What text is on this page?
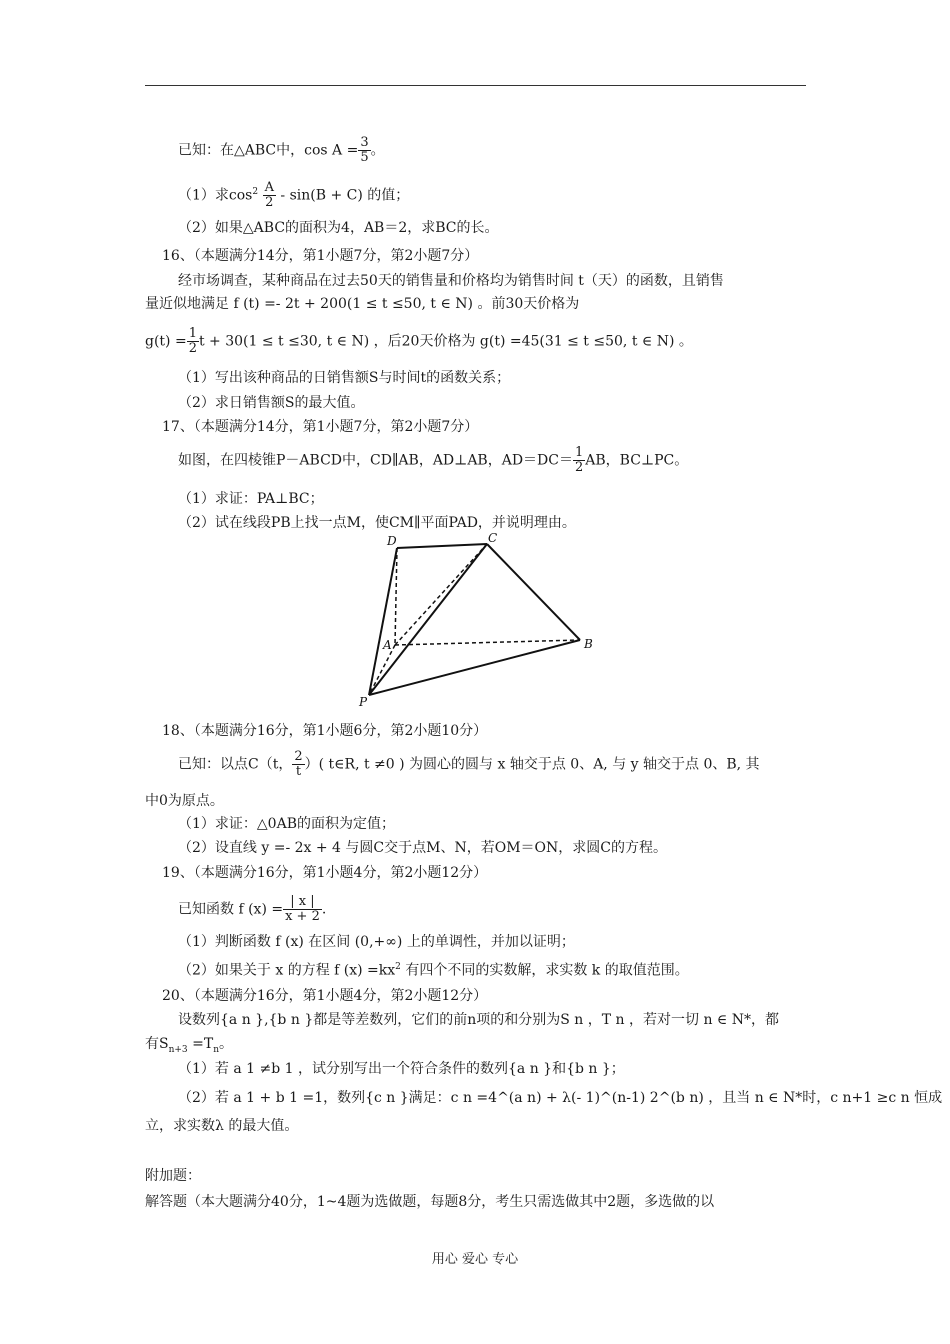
已知：在△ABC中，$\cos A = \frac{3}{5}$ 。
（1）求$\cos^2 \frac{A}{2} - \sin(B + C)$ 的值；
（2）如果△ABC的面积为4，AB＝2，求BC的长。
16、（本题满分14分，第1小题7分，第2小题7分）
经市场调查，某种商品在过去50天的销售量和价格均为销售时间 t（天）的函数，且销售
量近似地满足 f (t) =- 2t + 200(1 ≤ t ≤50, t ∈ N) 。前30天价格为
$g(t) = \frac{1}{2}$ t + 30(1 ≤ t ≤30, t ∈ N) ，后20天价格为 g(t) =45(31 ≤ t ≤50, t ∈ N) 。
（1）写出该种商品的日销售额S与时间t的函数关系；
（2）求日销售额S的最大值。
17、（本题满分14分，第1小题7分，第2小题7分）
如图，在四棱锥P－ABCD中，CD∥AB，AD⊥AB，$AD=DC= \frac{1}{2}$ AB，BC⊥PC。
（1）求证：PA⊥BC；
（2）试在线段PB上找一点M，使CM∥平面PAD，并说明理由。
D	C
A	B
P
18、（本题满分16分，第1小题6分，第2小题10分）
已知：以点C（t， $\frac{2}{t}$ ）( t∈R, t ≠0 ) 为圆心的圆与 x 轴交于点 0、A, 与 y 轴交于点 0、B, 其
中0为原点。
（1）求证：△0AB的面积为定值；
（2）设直线 y =- 2x + 4 与圆C交于点M、N，若OM＝ON，求圆C的方程。
19、（本题满分16分，第1小题4分，第2小题12分）
已知函数 f $(x) = \frac{| x |}{x + 2}$ .
（1）判断函数 f (x) 在区间 (0,+∞) 上的单调性，并加以证明；
（2）如果关于 x 的方程 f $(x) =kx^2$ 有四个不同的实数解，求实数 k 的取值范围。
20、（本题满分16分，第1小题4分，第2小题12分）
设数列{a n },{b n }都是等差数列，它们的前n项的和分别为S n ，T n ，若对一切 n ∈ N*，都
有$S_{n+3} =T_n$。
（1）若 a 1 ≠b 1 ，试分别写出一个符合条件的数列{a n }和{b n }；
（2）若 a 1 + b 1 =1，数列{c n }满足：c n =4^(a n) + λ(- 1)^(n-1) 2^(b n) ，且当 n ∈ N*时，c n+1 ≥c n 恒成
立，求实数λ 的最大值。
附加题：
解答题（本大题满分40分，1~4题为选做题，每题8分，考生只需选做其中2题，多选做的以
用心 爱心 专心
